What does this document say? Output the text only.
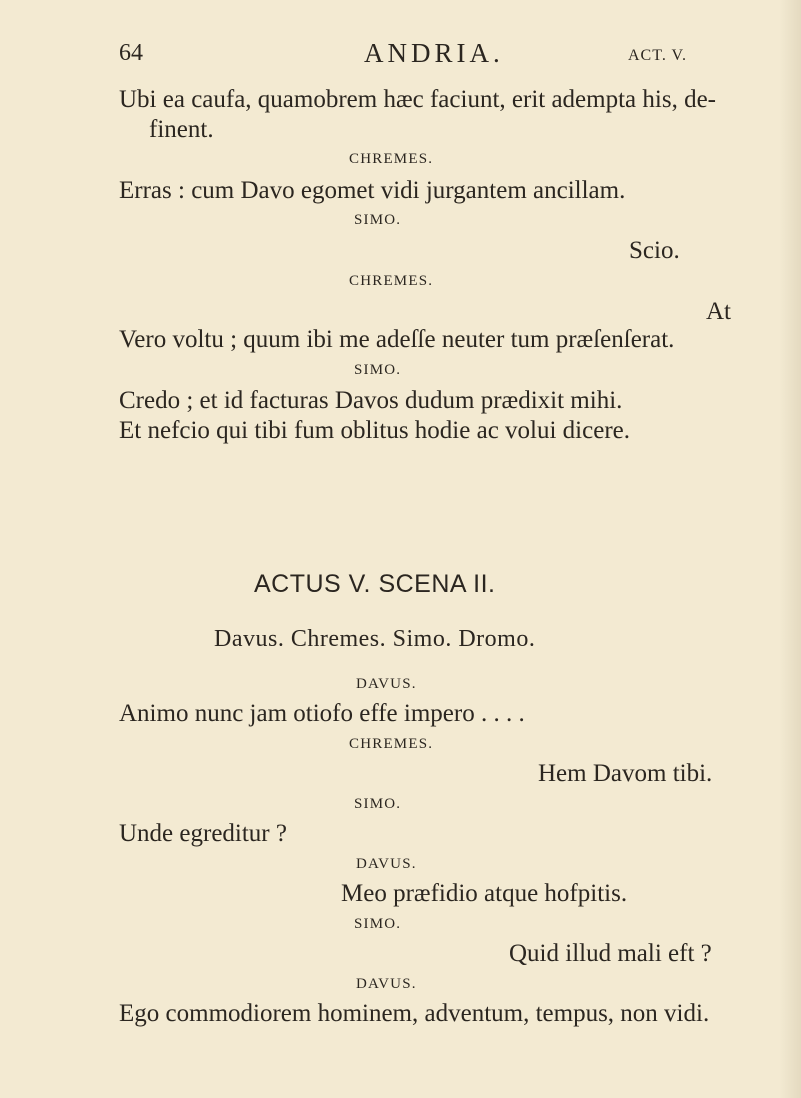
64	ANDRIA.	ACT. V.
Ubi ea caufa, quamobrem hæc faciunt, erit adempta his, de-
finent.
CHREMES.
Erras : cum Davo egomet vidi jurgantem ancillam.
SIMO.
Scio.
CHREMES.
At
Vero voltu ; quum ibi me adeſſe neuter tum præſenſerat.
SIMO.
Credo ; et id facturas Davos dudum prædixit mihi.
Et nefcio qui tibi fum oblitus hodie ac volui dicere.
ACTUS V. SCENA II.
Davus. Chremes. Simo. Dromo.
DAVUS.
Animo nunc jam otiofo effe impero . . . .
CHREMES.
Hem Davom tibi.
SIMO.
Unde egreditur ?
DAVUS.
Meo præfidio atque hofpitis.
SIMO.
Quid illud mali eft ?
DAVUS.
Ego commodiorem hominem, adventum, tempus, non vidi.
